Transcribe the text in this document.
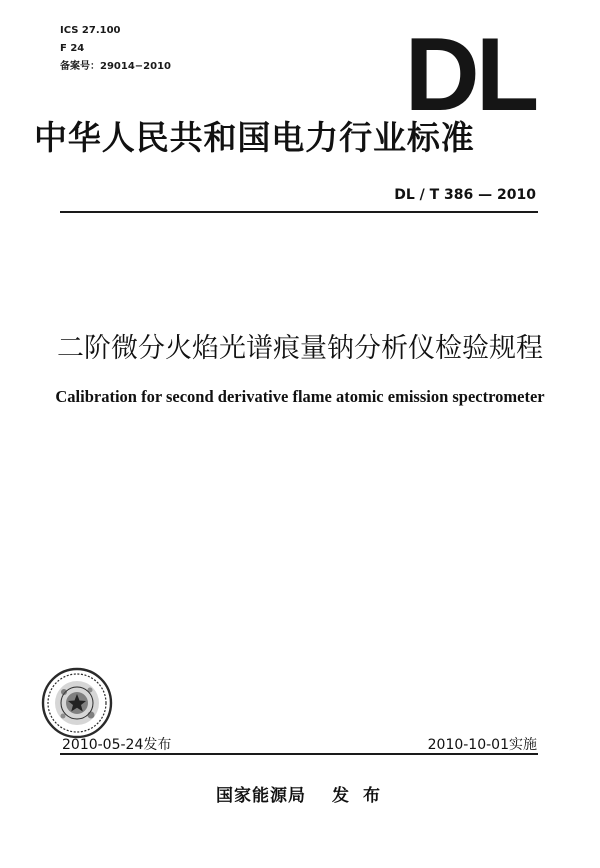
ICS 27.100
F 24
备案号：29014−2010 DL
中华人民共和国电力行业标准
DL / T 386 — 2010
二阶微分火焰光谱痕量钠分析仪检验规程
Calibration for second derivative flame atomic emission spectrometer
2010-05-24发布	2010-10-01实施
国家能源局 发 布
